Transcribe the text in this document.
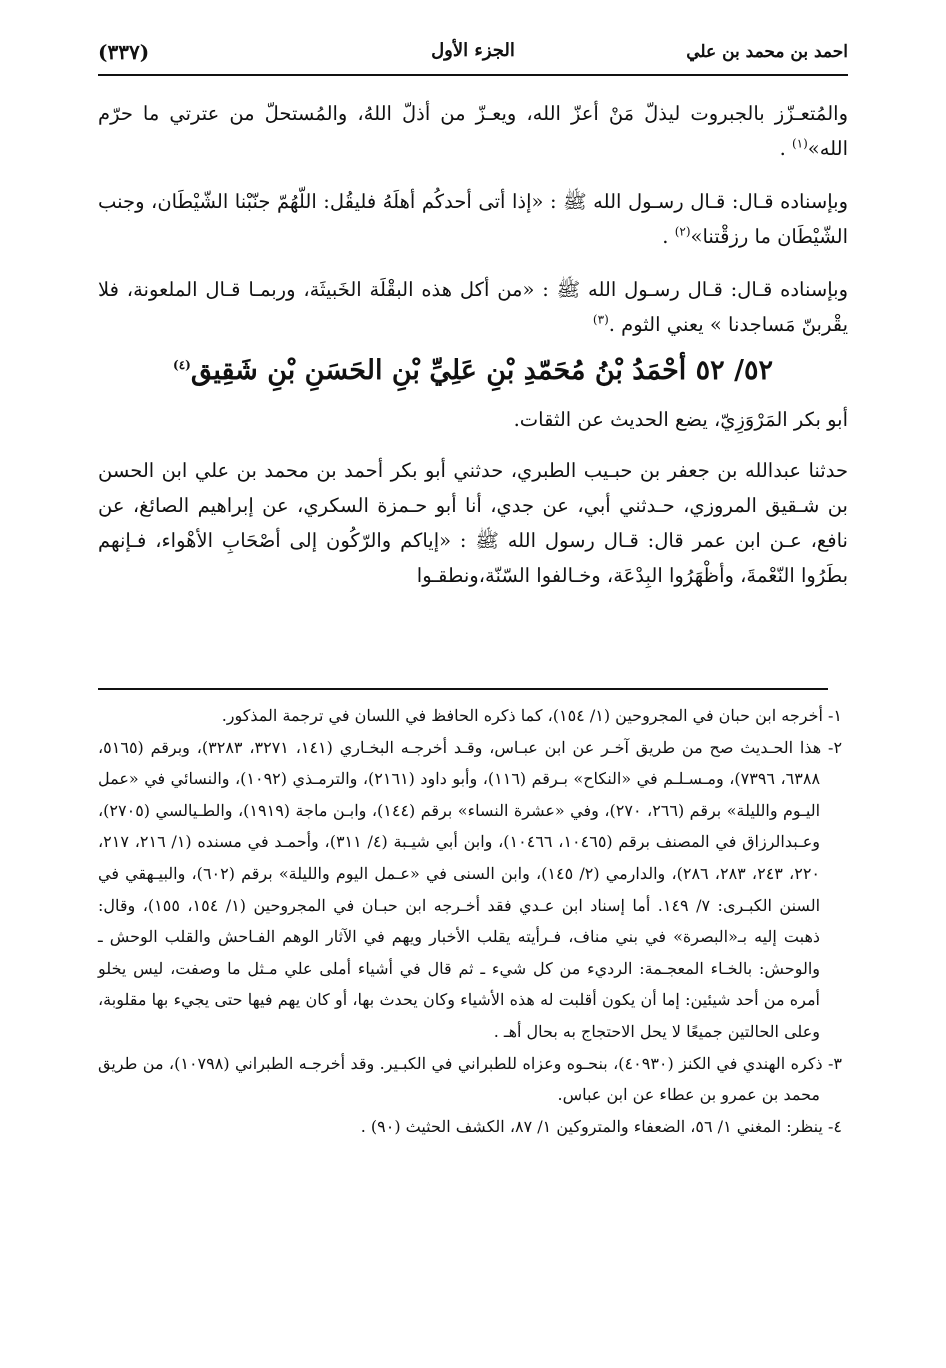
احمد بن محمد بن علي
الجزء الأول
(٣٣٧)

والمُتعـزّز بالجبروت ليذلّ مَنْ أعزّ الله، ويعـزّ من أذلّ اللهُ، والمُستحلّ من عترتي ما حرّم الله»$^{(١)}$ .

وبإسناده قـال: قـال رسـول الله ﷺ : «إذا أتى أحدكُم أهلَهُ فليقُل: اللّهُمّ جنّبْنا الشّيْطَان، وجنب الشّيْطَان ما رزقْتنا»$^{(٢)}$ .

وبإسناده قـال: قـال رسـول الله ﷺ : «من أكل هذه البقْلَة الخَبيثَة، وربمـا قـال الملعونة، فلا يقْربنّ مَساجدنا » يعني الثوم .$^{(٣)}$

٥٢/ ٥٢ أحْمَدُ بْنُ مُحَمّدِ بْنِ عَلِيِّ بْنِ الحَسَنِ بْنِ شَقِيق$^{(٤)}$

أبو بكر المَرْوَزِيّ، يضع الحديث عن الثقات.

حدثنا عبدالله بن جعفر بن حبـيب الطبري، حدثني أبو بكر أحمد بن محمد بن علي ابن الحسن بن شـقيق المروزي، حـدثني أبي، عن جدي، أنا أبو حـمزة السكري، عن إبراهيم الصائغ، عن نافع، عـن ابن عمر قال: قـال رسول الله ﷺ : «إياكم والرّكُون إلى أصْحَابِ الأهْواء، فـإنهم بطَرُوا النّعْمةَ، وأظْهَرُوا البِدْعَة، وخـالفوا السّنّة،ونطقـوا

١- أخرجه ابن حبان في المجروحين (١/ ١٥٤)، كما ذكره الحافظ في اللسان في ترجمة المذكور.

٢- هذا الحـديث صح من طريق آخـر عن ابن عبـاس، وقـد أخرجـه البخـاري (١٤١، ٣٢٧١، ٣٢٨٣)، وبرقم (٥١٦٥، ٦٣٨٨، ٧٣٩٦)، ومـسـلـم في «النكاح» بـرقم (١١٦)، وأبو داود (٢١٦١)، والترمـذي (١٠٩٢)، والنسائي في «عمل اليـوم والليلة» برقم (٢٦٦، ٢٧٠)، وفي «عشرة النساء» برقم (١٤٤)، وابـن ماجة (١٩١٩)، والطـيالسي (٢٧٠٥)، وعـبدالرزاق في المصنف برقم (١٠٤٦٥، ١٠٤٦٦)، وابن أبي شيـبة (٤/ ٣١١)، وأحمـد في مسنده (١/ ٢١٦، ٢١٧، ٢٢٠، ٢٤٣، ٢٨٣، ٢٨٦)، والدارمي (٢/ ١٤٥)، وابن السنى في «عـمل اليوم والليلة» برقم (٦٠٢)، والبيـهقي في السنن الكبـرى: ٧/ ١٤٩. أما إسناد ابن عـدي فقد أخـرجه ابن حبـان في المجروحين (١/ ١٥٤، ١٥٥)، وقال: ذهبت إليه بـ«البصرة» في بني مناف، فـرأيته يقلب الأخبار ويهم في الآثار الوهم الفـاحش والقلب الوحش ـ والوحش: بالخـاء المعجـمة: الرديء من كل شيء ـ ثم قال في أشياء أملى علي مـثل ما وصفت، ليس يخلو أمره من أحد شيئين: إما أن يكون أقلبت له هذه الأشياء وكان يحدث بها، أو كان يهم فيها حتى يجيء بها مقلوبة، وعلى الحالتين جميعًا لا يحل الاحتجاج به بحال أهـ .

٣- ذكره الهندي في الكنز (٤٠٩٣٠)، بنحـوه وعزاه للطبراني في الكبـير. وقد أخرجـه الطبراني (١٠٧٩٨)، من طريق محمد بن عمرو بن عطاء عن ابن عباس.

٤- ينظر: المغني ١/ ٥٦، الضعفاء والمتروكين ١/ ٨٧، الكشف الحثيث (٩٠) .
